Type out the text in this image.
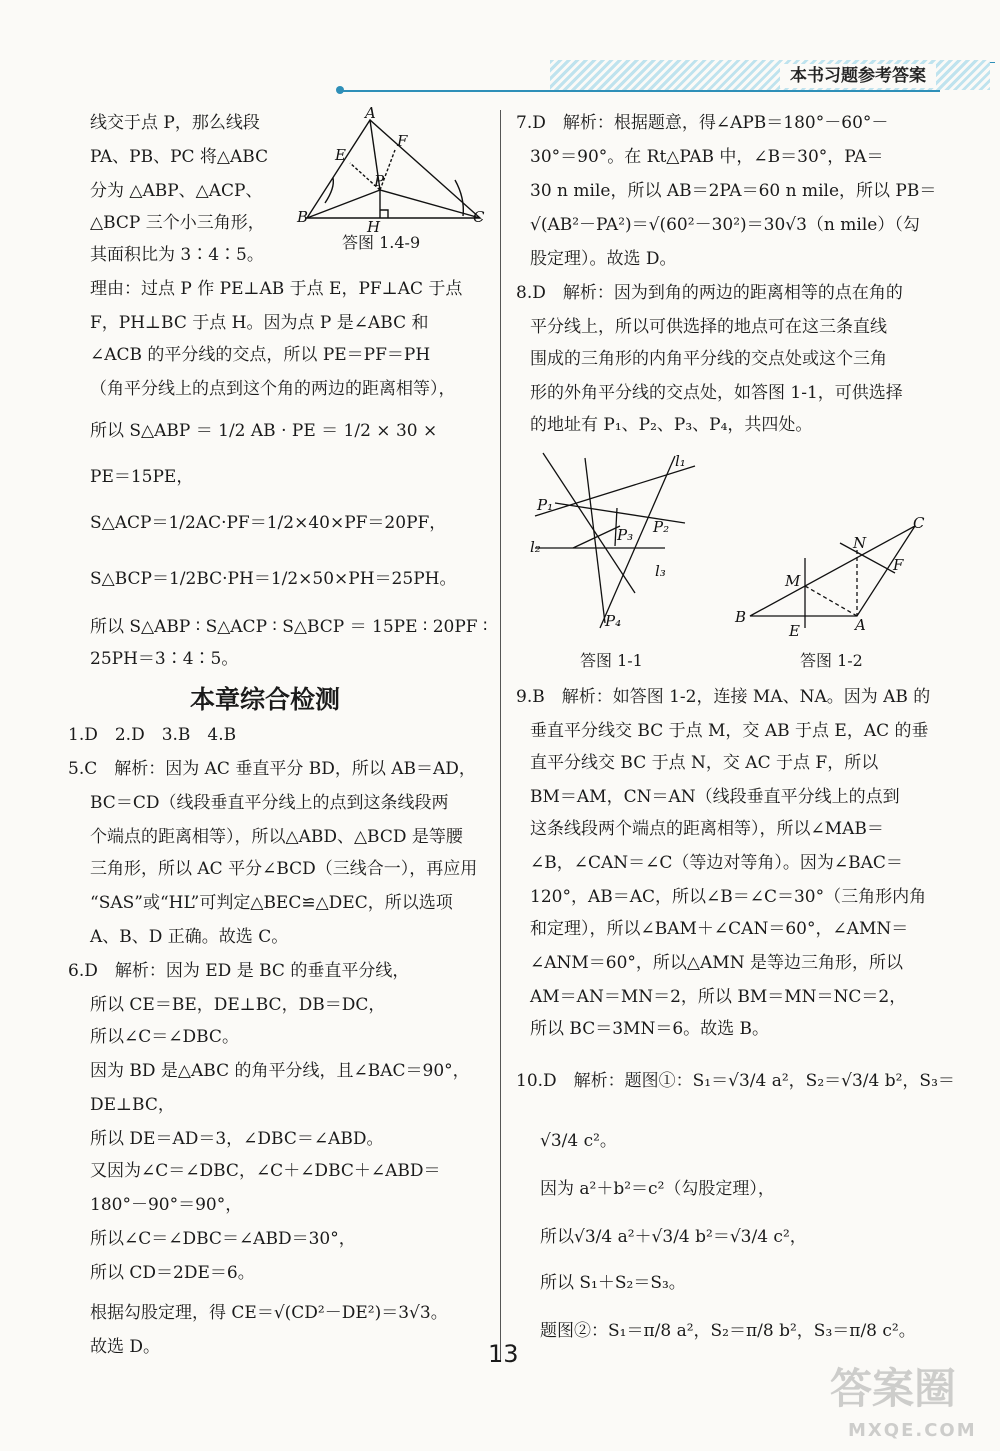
本书习题参考答案
线交于点 P，那么线段
PA、PB、PC 将△ABC
分为 △ABP、△ACP、
△BCP 三个小三角形，
其面积比为 3∶4∶5。
A
E
F
P
B
H
C
答图 1.4-9
理由：过点 P 作 PE⊥AB 于点 E，PF⊥AC 于点
F，PH⊥BC 于点 H。因为点 P 是∠ABC 和
∠ACB 的平分线的交点，所以 PE＝PF＝PH
（角平分线上的点到这个角的两边的距离相等），
所以 S△ABP ＝ 1/2 AB · PE ＝ 1/2 × 30 ×
PE＝15PE，
S△ACP＝1/2AC·PF＝1/2×40×PF＝20PF，
S△BCP＝1/2BC·PH＝1/2×50×PH＝25PH。
所以 S△ABP ∶ S△ACP ∶ S△BCP ＝ 15PE ∶ 20PF ∶
25PH＝3∶4∶5。
本章综合检测
1.D　2.D　3.B　4.B
5.C　解析：因为 AC 垂直平分 BD，所以 AB＝AD，
BC＝CD（线段垂直平分线上的点到这条线段两
个端点的距离相等），所以△ABD、△BCD 是等腰
三角形，所以 AC 平分∠BCD（三线合一），再应用
“SAS”或“HL”可判定△BEC≌△DEC，所以选项
A、B、D 正确。故选 C。
6.D　解析：因为 ED 是 BC 的垂直平分线，
所以 CE＝BE，DE⊥BC，DB＝DC，
所以∠C＝∠DBC。
因为 BD 是△ABC 的角平分线，且∠BAC＝90°，
DE⊥BC，
所以 DE＝AD＝3，∠DBC＝∠ABD。
又因为∠C＝∠DBC，∠C＋∠DBC＋∠ABD＝
180°－90°＝90°，
所以∠C＝∠DBC＝∠ABD＝30°，
所以 CD＝2DE＝6。
根据勾股定理，得 CE＝√(CD²－DE²)＝3√3。
故选 D。
7.D　解析：根据题意，得∠APB＝180°－60°－
30°＝90°。在 Rt△PAB 中，∠B＝30°，PA＝
30 n mile，所以 AB＝2PA＝60 n mile，所以 PB＝
√(AB²－PA²)＝√(60²－30²)＝30√3（n mile）（勾
股定理）。故选 D。
8.D　解析：因为到角的两边的距离相等的点在角的
平分线上，所以可供选择的地点可在这三条直线
围成的三角形的内角平分线的交点处或这个三角
形的外角平分线的交点处，如答图 1-1，可供选择
的地址有 P₁、P₂、P₃、P₄，共四处。
l₁
P₁
P₂
P₃
l₂
l₃
P₄
答图 1-1
C
N
M
F
B
E	A
答图 1-2
9.B　解析：如答图 1-2，连接 MA、NA。因为 AB 的
垂直平分线交 BC 于点 M，交 AB 于点 E，AC 的垂
直平分线交 BC 于点 N，交 AC 于点 F，所以
BM＝AM，CN＝AN（线段垂直平分线上的点到
这条线段两个端点的距离相等），所以∠MAB＝
∠B，∠CAN＝∠C（等边对等角）。因为∠BAC＝
120°，AB＝AC，所以∠B＝∠C＝30°（三角形内角
和定理），所以∠BAM＋∠CAN＝60°，∠AMN＝
∠ANM＝60°，所以△AMN 是等边三角形，所以
AM＝AN＝MN＝2，所以 BM＝MN＝NC＝2，
所以 BC＝3MN＝6。故选 B。
10.D　解析：题图①：S₁＝√3/4 a²，S₂＝√3/4 b²，S₃＝
√3/4 c²。
因为 a²＋b²＝c²（勾股定理），
所以√3/4 a²＋√3/4 b²＝√3/4 c²，
所以 S₁＋S₂＝S₃。
题图②：S₁＝π/8 a²，S₂＝π/8 b²，S₃＝π/8 c²。
13
答案圈
MXQE.COM
